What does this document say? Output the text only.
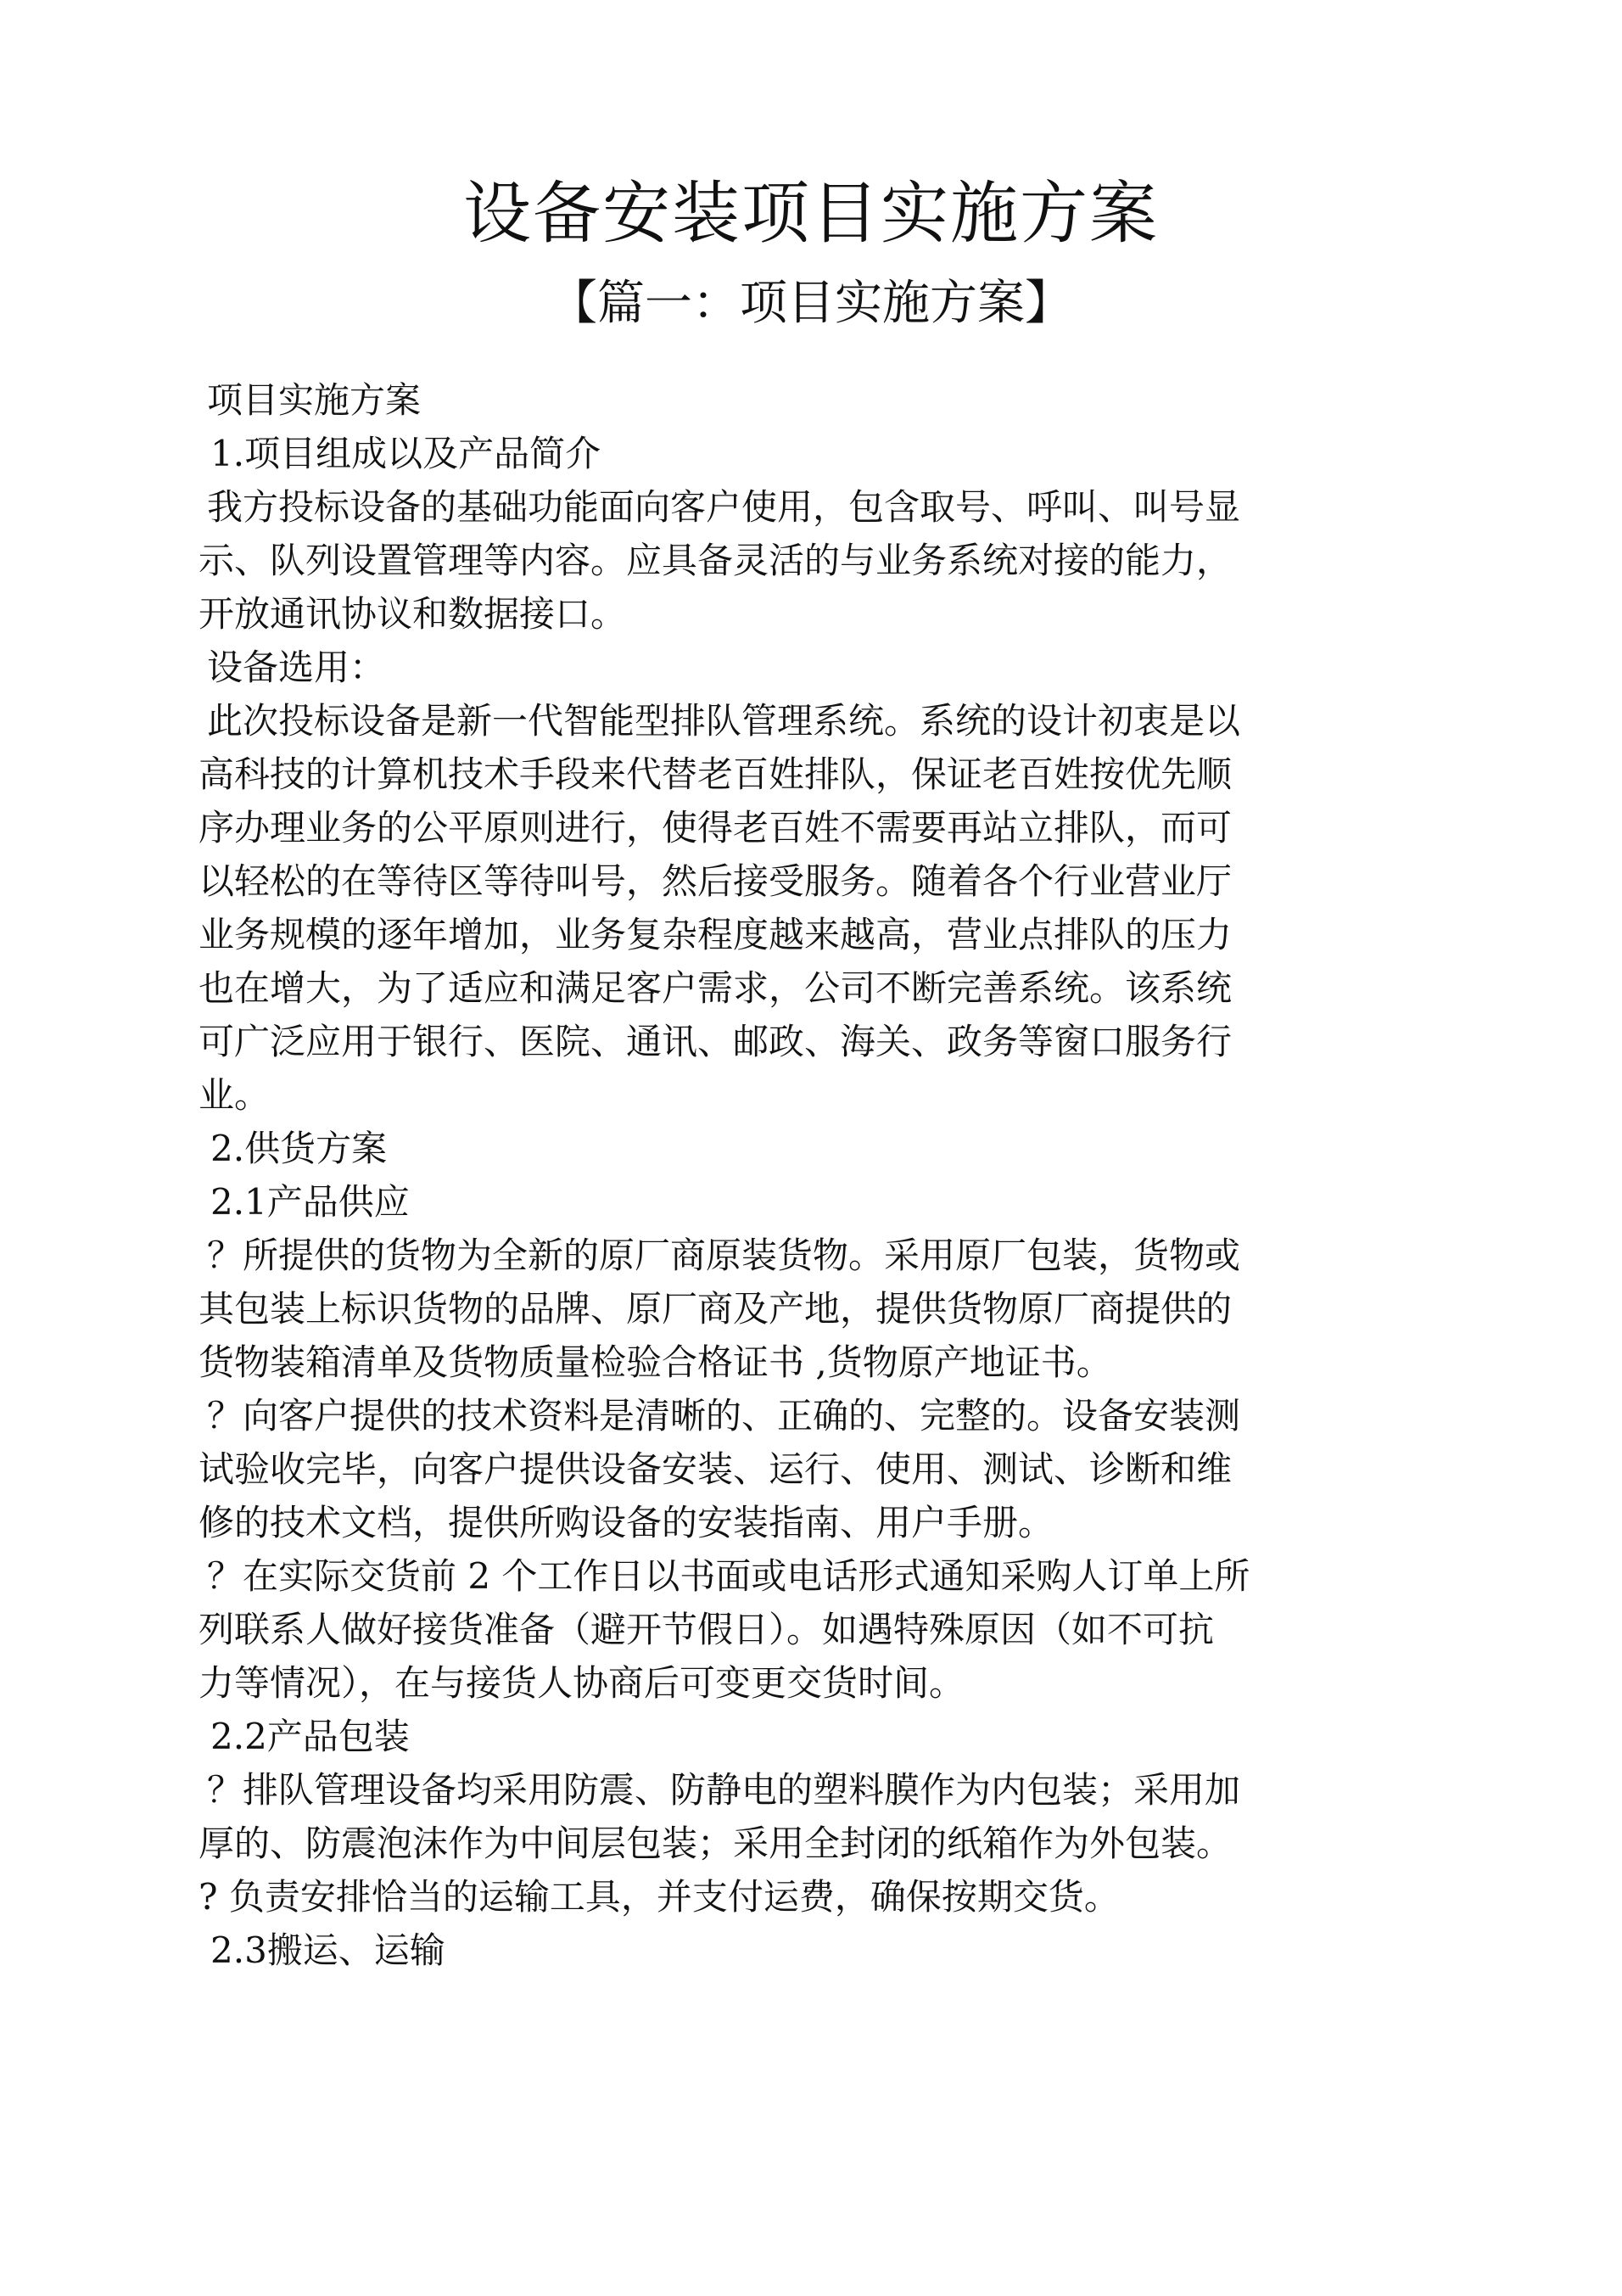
设备安装项目实施方案
【篇一：项目实施方案】
项目实施方案
1.项目组成以及产品简介
我方投标设备的基础功能面向客户使用，包含取号、呼叫、叫号显
示、队列设置管理等内容。应具备灵活的与业务系统对接的能力，
开放通讯协议和数据接口。
设备选用：
此次投标设备是新一代智能型排队管理系统。系统的设计初衷是以
高科技的计算机技术手段来代替老百姓排队，保证老百姓按优先顺
序办理业务的公平原则进行，使得老百姓不需要再站立排队，而可
以轻松的在等待区等待叫号，然后接受服务。随着各个行业营业厅
业务规模的逐年增加，业务复杂程度越来越高，营业点排队的压力
也在增大，为了适应和满足客户需求，公司不断完善系统。该系统
可广泛应用于银行、医院、通讯、邮政、海关、政务等窗口服务行
业。
2.供货方案
2.1产品供应
？所提供的货物为全新的原厂商原装货物。采用原厂包装，货物或
其包装上标识货物的品牌、原厂商及产地，提供货物原厂商提供的
货物装箱清单及货物质量检验合格证书 ,货物原产地证书。
？向客户提供的技术资料是清晰的、正确的、完整的。设备安装测
试验收完毕，向客户提供设备安装、运行、使用、测试、诊断和维
修的技术文档，提供所购设备的安装指南、用户手册。
？在实际交货前 2 个工作日以书面或电话形式通知采购人订单上所
列联系人做好接货准备（避开节假日）。如遇特殊原因（如不可抗
力等情况），在与接货人协商后可变更交货时间。
2.2产品包装
？排队管理设备均采用防震、防静电的塑料膜作为内包装；采用加
厚的、防震泡沫作为中间层包装；采用全封闭的纸箱作为外包装。
? 负责安排恰当的运输工具，并支付运费，确保按期交货。
2.3搬运、运输
